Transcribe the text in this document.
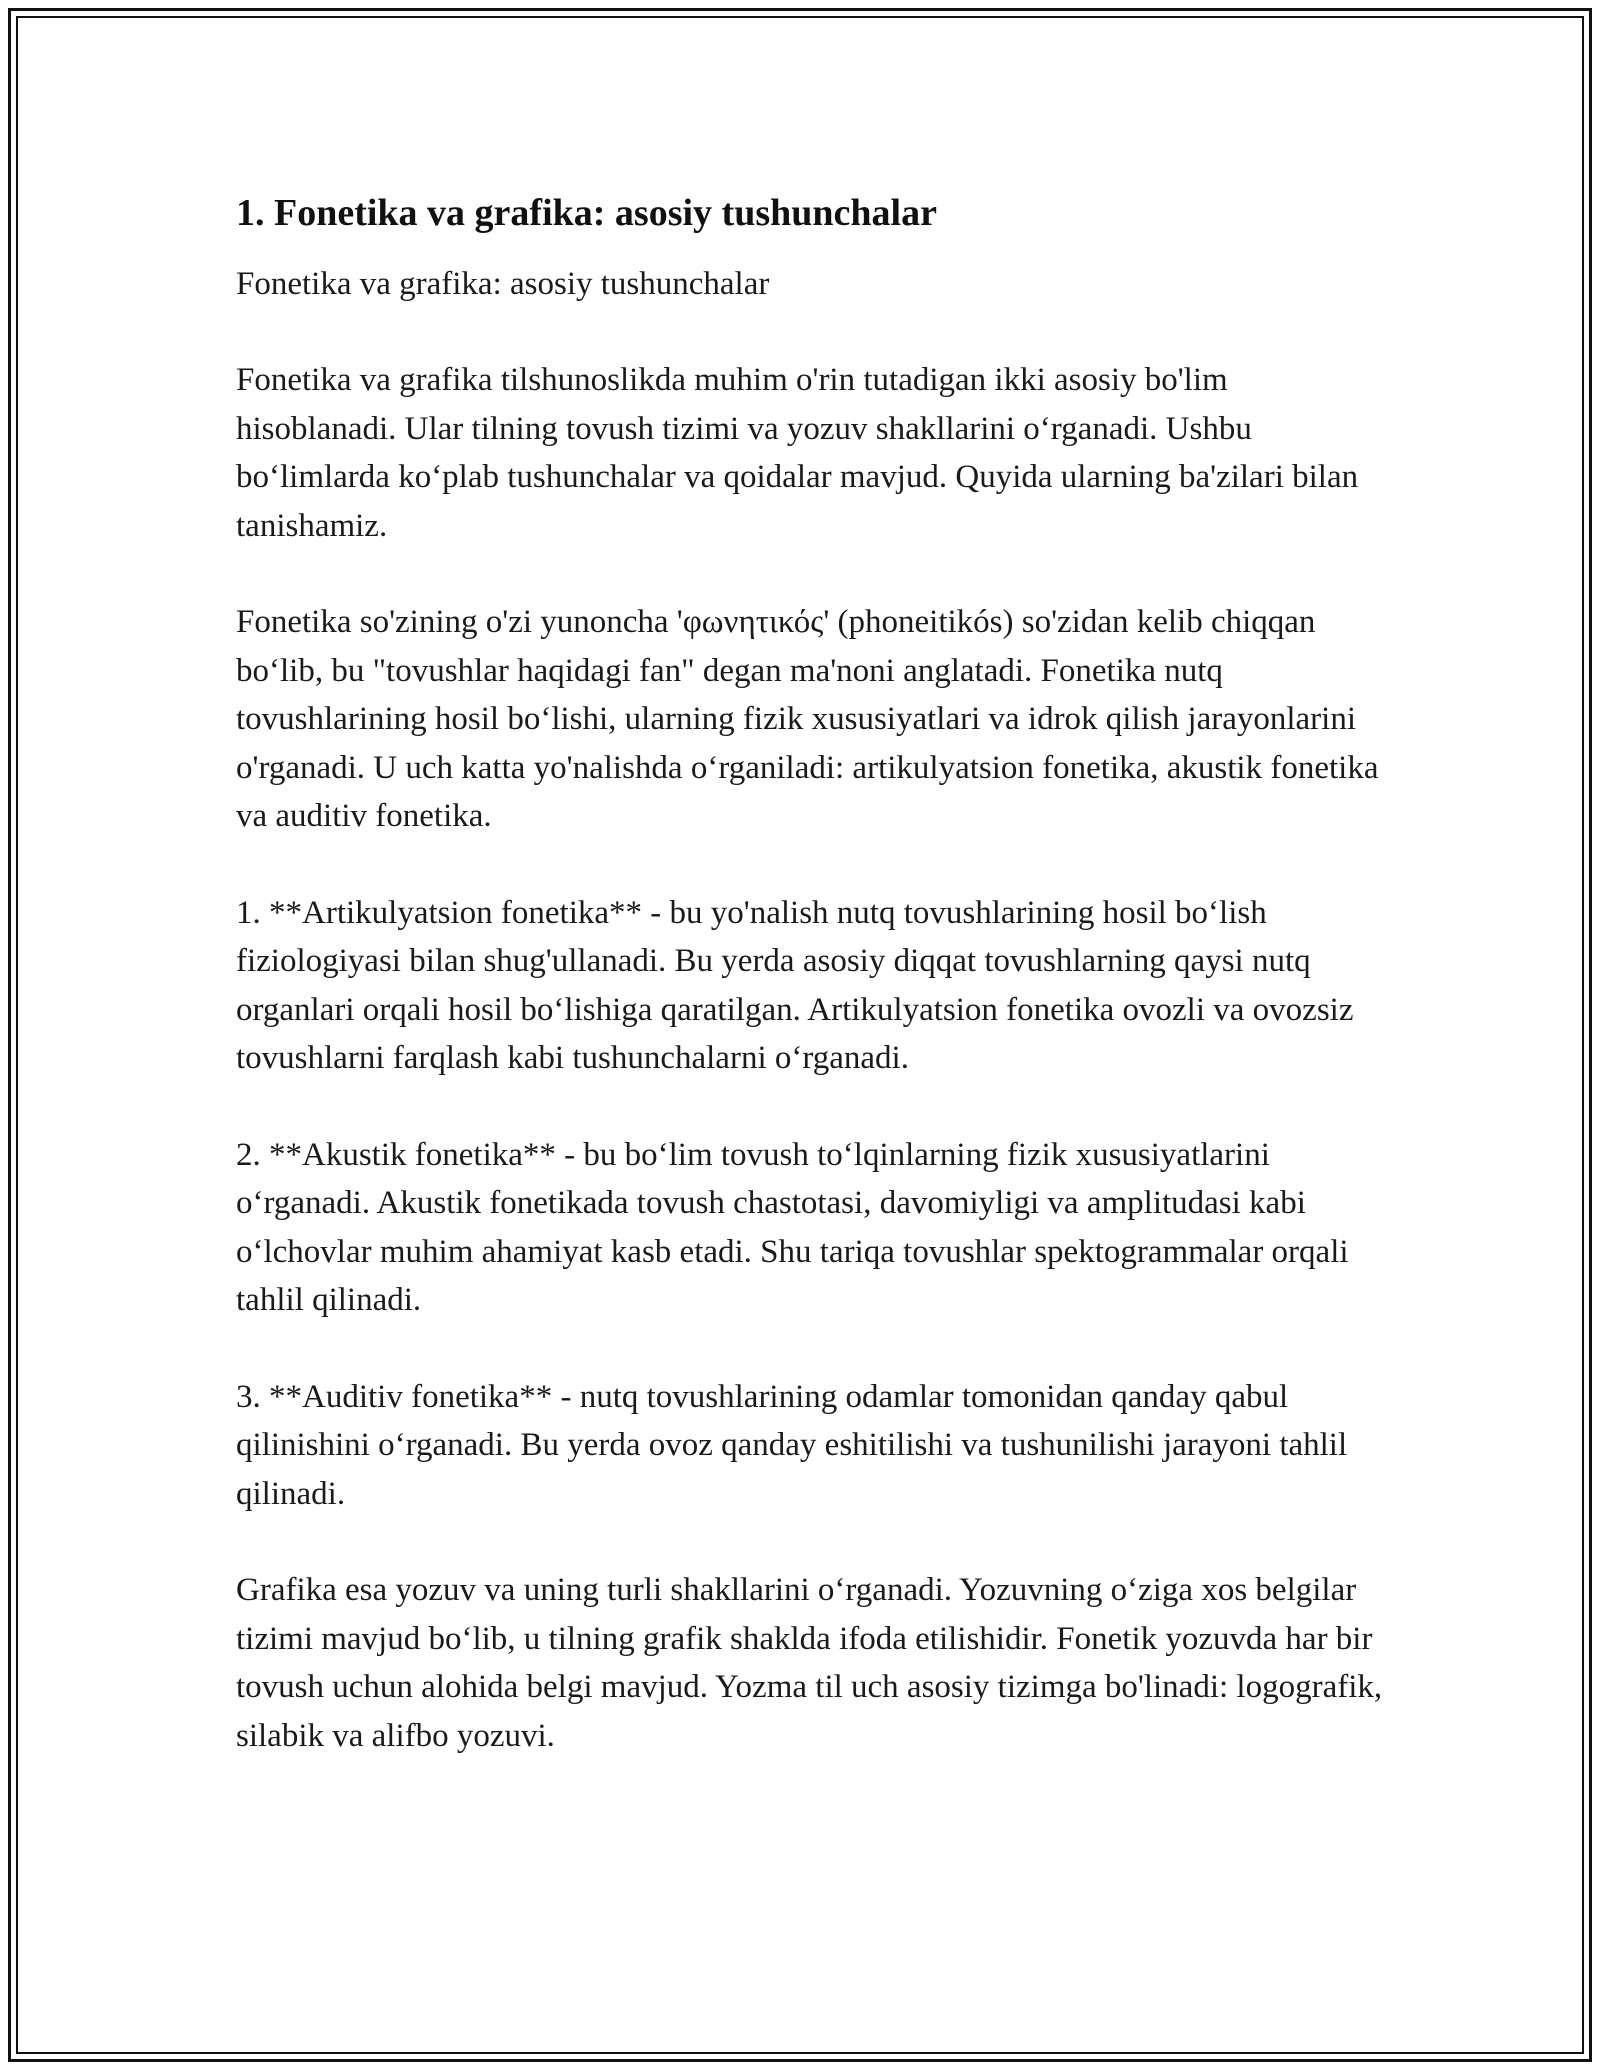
1. Fonetika va grafika: asosiy tushunchalar

Fonetika va grafika: asosiy tushunchalar

Fonetika va grafika tilshunoslikda muhim o'rin tutadigan ikki asosiy bo'lim hisoblanadi. Ular tilning tovush tizimi va yozuv shakllarini o‘rganadi. Ushbu bo‘limlarda ko‘plab tushunchalar va qoidalar mavjud. Quyida ularning ba'zilari bilan tanishamiz.

Fonetika so'zining o'zi yunoncha 'φωνητικός' (phoneitikós) so'zidan kelib chiqqan bo‘lib, bu "tovushlar haqidagi fan" degan ma'noni anglatadi. Fonetika nutq tovushlarining hosil bo‘lishi, ularning fizik xususiyatlari va idrok qilish jarayonlarini o'rganadi. U uch katta yo'nalishda o‘rganiladi: artikulyatsion fonetika, akustik fonetika va auditiv fonetika.

1. **Artikulyatsion fonetika** - bu yo'nalish nutq tovushlarining hosil bo‘lish fiziologiyasi bilan shug'ullanadi. Bu yerda asosiy diqqat tovushlarning qaysi nutq organlari orqali hosil bo‘lishiga qaratilgan. Artikulyatsion fonetika ovozli va ovozsiz tovushlarni farqlash kabi tushunchalarni o‘rganadi.

2. **Akustik fonetika** - bu bo‘lim tovush to‘lqinlarning fizik xususiyatlarini o‘rganadi. Akustik fonetikada tovush chastotasi, davomiyligi va amplitudasi kabi o‘lchovlar muhim ahamiyat kasb etadi. Shu tariqa tovushlar spektogrammalar orqali tahlil qilinadi.

3. **Auditiv fonetika** - nutq tovushlarining odamlar tomonidan qanday qabul qilinishini o‘rganadi. Bu yerda ovoz qanday eshitilishi va tushunilishi jarayoni tahlil qilinadi.

Grafika esa yozuv va uning turli shakllarini o‘rganadi. Yozuvning o‘ziga xos belgilar tizimi mavjud bo‘lib, u tilning grafik shaklda ifoda etilishidir. Fonetik yozuvda har bir tovush uchun alohida belgi mavjud. Yozma til uch asosiy tizimga bo'linadi: logografik, silabik va alifbo yozuvi.
